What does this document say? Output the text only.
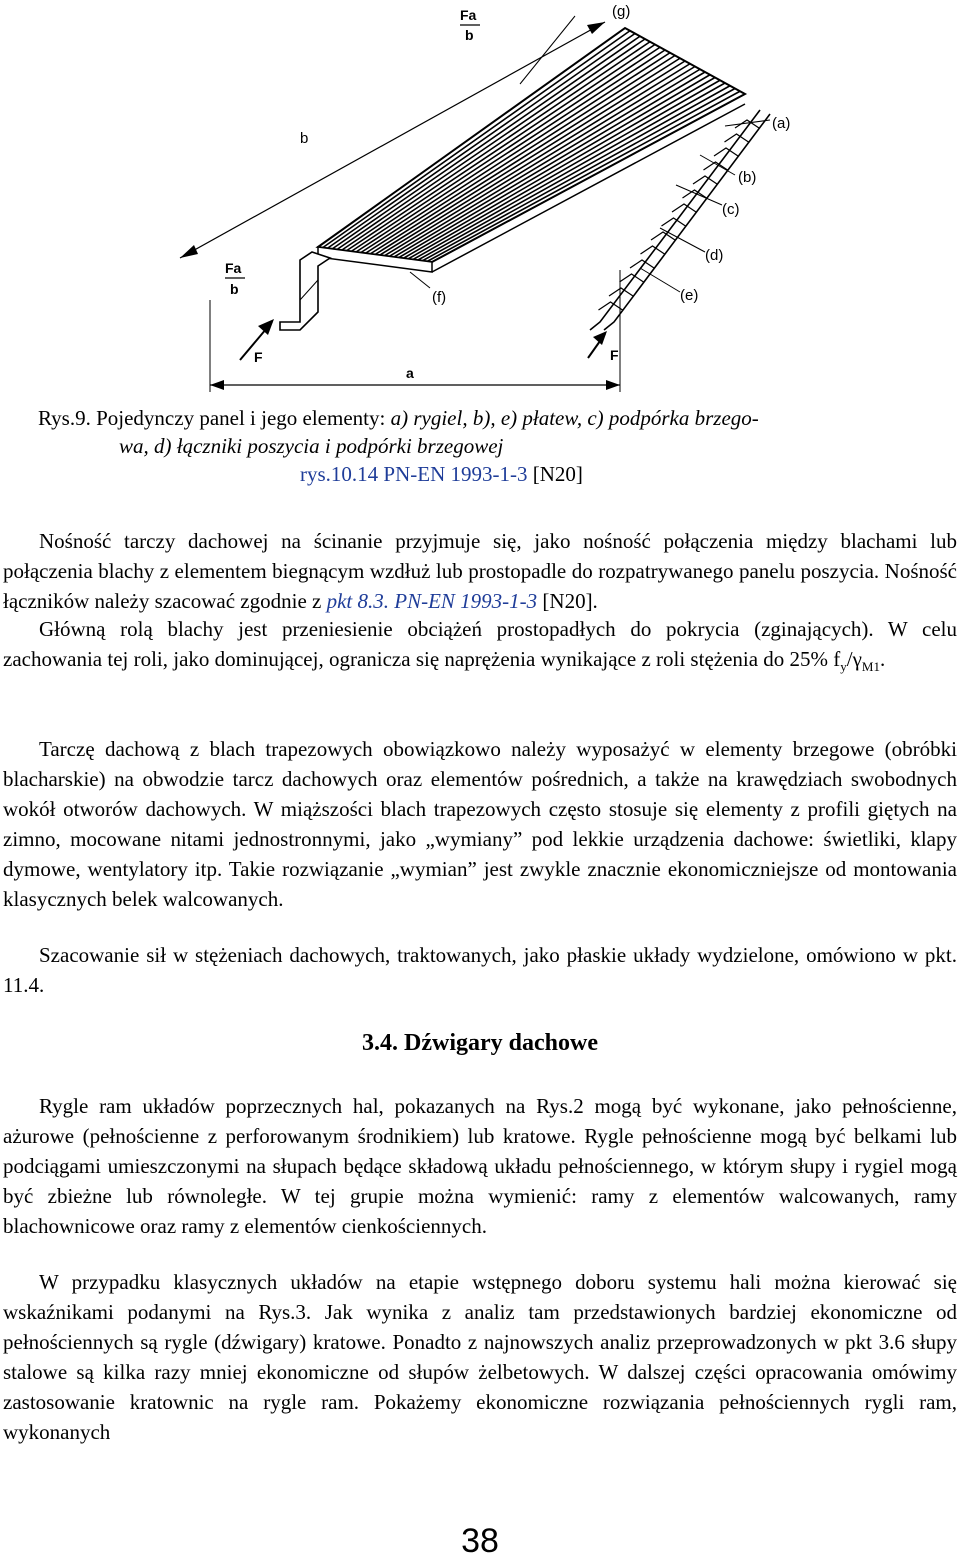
Fa
b
(g)
b
(a)
(b)
(c)
(d)
(e)
(f)
Fa
b
F	F
a
Rys.9. Pojedynczy panel i jego elementy: a) rygiel, b), e) płatew, c) podpórka brzego-
wa, d) łączniki poszycia i podpórki brzegowej
rys.10.14 PN-EN 1993-1-3 [N20]

Nośność tarczy dachowej na ścinanie przyjmuje się, jako nośność połączenia między blachami lub połączenia blachy z elementem biegnącym wzdłuż lub prostopadle do rozpatrywanego panelu poszycia. Nośność łączników należy szacować zgodnie z pkt 8.3. PN-EN 1993-1-3 [N20].

Główną rolą blachy jest przeniesienie obciążeń prostopadłych do pokrycia (zginających). W celu zachowania tej roli, jako dominującej, ogranicza się naprężenia wynikające z roli stężenia do 25% $f_y/\gamma_{M1}$.

Tarczę dachową z blach trapezowych obowiązkowo należy wyposażyć w elementy brzegowe (obróbki blacharskie) na obwodzie tarcz dachowych oraz elementów pośrednich, a także na krawędziach swobodnych wokół otworów dachowych. W miąższości blach trapezowych często stosuje się elementy z profili giętych na zimno, mocowane nitami jednostronnymi, jako „wymiany” pod lekkie urządzenia dachowe: świetliki, klapy dymowe, wentylatory itp. Takie rozwiązanie „wymian” jest zwykle znacznie ekonomiczniejsze od montowania klasycznych belek walcowanych.

Szacowanie sił w stężeniach dachowych, traktowanych, jako płaskie układy wydzielone, omówiono w pkt. 11.4.

3.4. Dźwigary dachowe

Rygle ram układów poprzecznych hal, pokazanych na Rys.2 mogą być wykonane, jako pełnościenne, ażurowe (pełnościenne z perforowanym środnikiem) lub kratowe. Rygle pełnościenne mogą być belkami lub podciągami umieszczonymi na słupach będące składową układu pełnościennego, w którym słupy i rygiel mogą być zbieżne lub równoległe. W tej grupie można wymienić: ramy z elementów walcowanych, ramy blachownicowe oraz ramy z elementów cienkościennych.

W przypadku klasycznych układów na etapie wstępnego doboru systemu hali można kierować się wskaźnikami podanymi na Rys.3. Jak wynika z analiz tam przedstawionych bardziej ekonomiczne od pełnościennych są rygle (dźwigary) kratowe. Ponadto z najnowszych analiz przeprowadzonych w pkt 3.6 słupy stalowe są kilka razy mniej ekonomiczne od słupów żelbetowych. W dalszej części opracowania omówimy zastosowanie kratownic na rygle ram. Pokażemy ekonomiczne rozwiązania pełnościennych rygli ram, wykonanych

38
